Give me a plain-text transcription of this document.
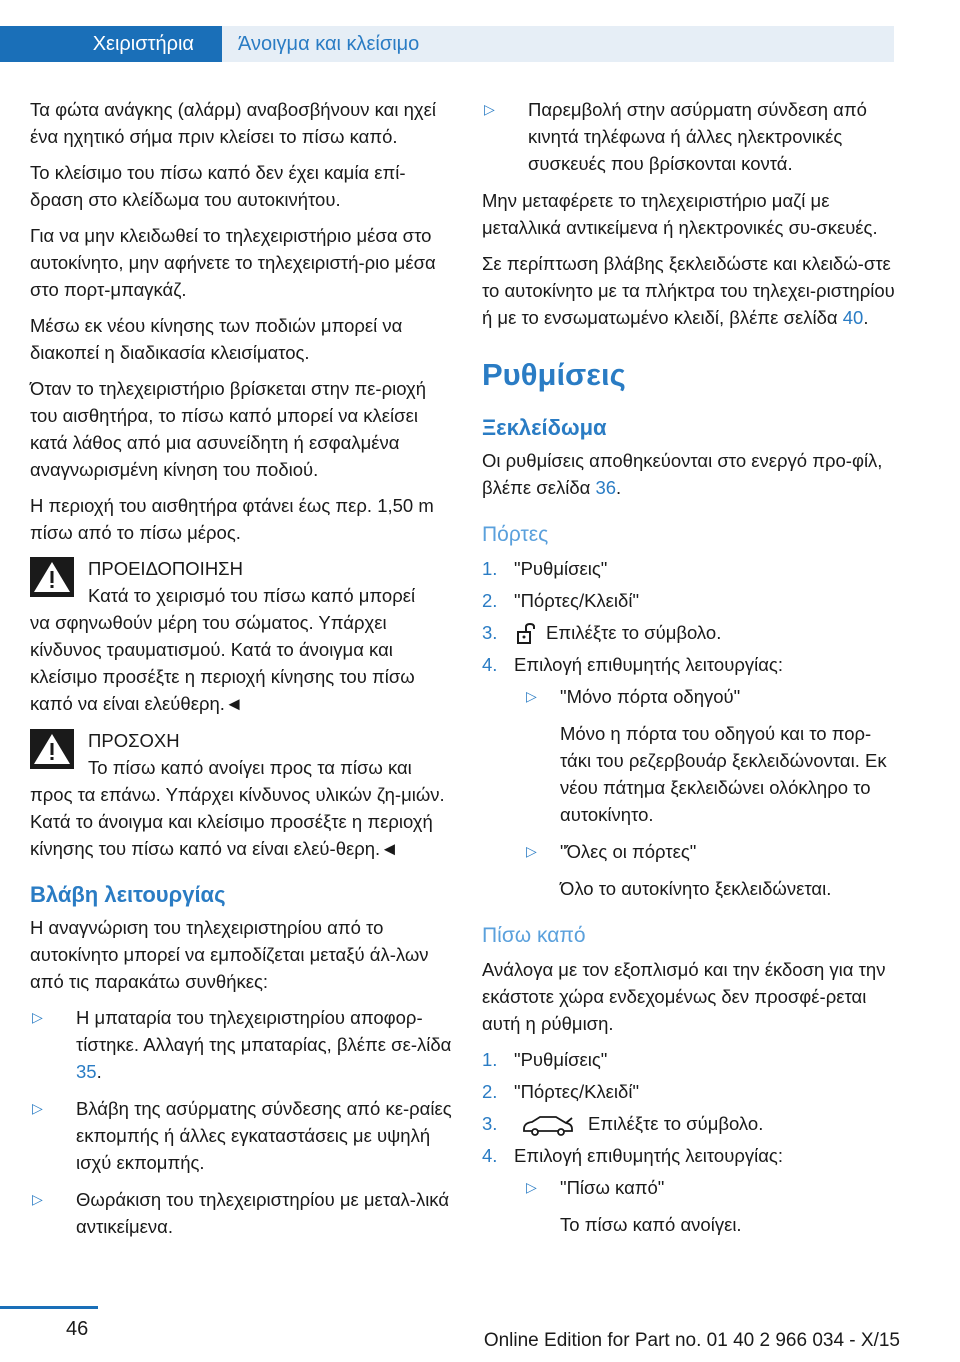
Χειριστήρια	Άνοιγμα και κλείσιμο

Τα φώτα ανάγκης (αλάρμ) αναβοσβήνουν και ηχεί ένα ηχητικό σήμα πριν κλείσει το πίσω καπό.

Το κλείσιμο του πίσω καπό δεν έχει καμία επί-δραση στο κλείδωμα του αυτοκινήτου.

Για να μην κλειδωθεί το τηλεχειριστήριο μέσα στο αυτοκίνητο, μην αφήνετε το τηλεχειριστή-ριο μέσα στο πορτ-μπαγκάζ.

Μέσω εκ νέου κίνησης των ποδιών μπορεί να διακοπεί η διαδικασία κλεισίματος.

Όταν το τηλεχειριστήριο βρίσκεται στην πε-ριοχή του αισθητήρα, το πίσω καπό μπορεί να κλείσει κατά λάθος από μια ασυνείδητη ή εσφαλμένα αναγνωρισμένη κίνηση του ποδιού.

Η περιοχή του αισθητήρα φτάνει έως περ. 1,50 m πίσω από το πίσω μέρος.

ΠΡΟΕΙΔΟΠΟΙΗΣΗ
Κατά το χειρισμό του πίσω καπό μπορεί
να σφηνωθούν μέρη του σώματος. Υπάρχει κίνδυνος τραυματισμού. Κατά το άνοιγμα και κλείσιμο προσέξτε η περιοχή κίνησης του πίσω καπό να είναι ελεύθερη.◄
ΠΡΟΣΟΧΗ
Το πίσω καπό ανοίγει προς τα πίσω και
προς τα επάνω. Υπάρχει κίνδυνος υλικών ζη-μιών. Κατά το άνοιγμα και κλείσιμο προσέξτε η περιοχή κίνησης του πίσω καπό να είναι ελεύ-θερη.◄
Βλάβη λειτουργίας

Η αναγνώριση του τηλεχειριστηρίου από το αυτοκίνητο μπορεί να εμποδίζεται μεταξύ άλ-λων από τις παρακάτω συνθήκες:

▷	Η μπαταρία του τηλεχειριστηρίου αποφορ-τίστηκε. Αλλαγή της μπαταρίας, βλέπε σε-λίδα 35.
▷	Βλάβη της ασύρματης σύνδεσης από κε-ραίες εκπομπής ή άλλες εγκαταστάσεις με υψηλή ισχύ εκπομπής.
▷	Θωράκιση του τηλεχειριστηρίου με μεταλ-λικά αντικείμενα.
▷	Παρεμβολή στην ασύρματη σύνδεση από κινητά τηλέφωνα ή άλλες ηλεκτρονικές συσκευές που βρίσκονται κοντά.

Μην μεταφέρετε το τηλεχειριστήριο μαζί με μεταλλικά αντικείμενα ή ηλεκτρονικές συ-σκευές.

Σε περίπτωση βλάβης ξεκλειδώστε και κλειδώ-στε το αυτοκίνητο με τα πλήκτρα του τηλεχει-ριστηρίου ή με το ενσωματωμένο κλειδί, βλέπε σελίδα 40.

Ρυθμίσεις
Ξεκλείδωμα

Οι ρυθμίσεις αποθηκεύονται στο ενεργό προ-φίλ, βλέπε σελίδα 36.

Πόρτες
1. "Ρυθμίσεις"
2. "Πόρτες/Κλειδί"
3.	Επιλέξτε το σύμβολο.
4. Επιλογή επιθυμητής λειτουργίας:
▷	"Μόνο πόρτα οδηγού"
Μόνο η πόρτα του οδηγού και το πορ-τάκι του ρεζερβουάρ ξεκλειδώνονται. Εκ νέου πάτημα ξεκλειδώνει ολόκληρο το αυτοκίνητο.
▷	"Όλες οι πόρτες"
Όλο το αυτοκίνητο ξεκλειδώνεται.
Πίσω καπό

Ανάλογα με τον εξοπλισμό και την έκδοση για την εκάστοτε χώρα ενδεχομένως δεν προσφέ-ρεται αυτή η ρύθμιση.

1. "Ρυθμίσεις"
2. "Πόρτες/Κλειδί"
3.	Επιλέξτε το σύμβολο.
4. Επιλογή επιθυμητής λειτουργίας:
▷	"Πίσω καπό"
Το πίσω καπό ανοίγει.
46
Online Edition for Part no. 01 40 2 966 034 - X/15
